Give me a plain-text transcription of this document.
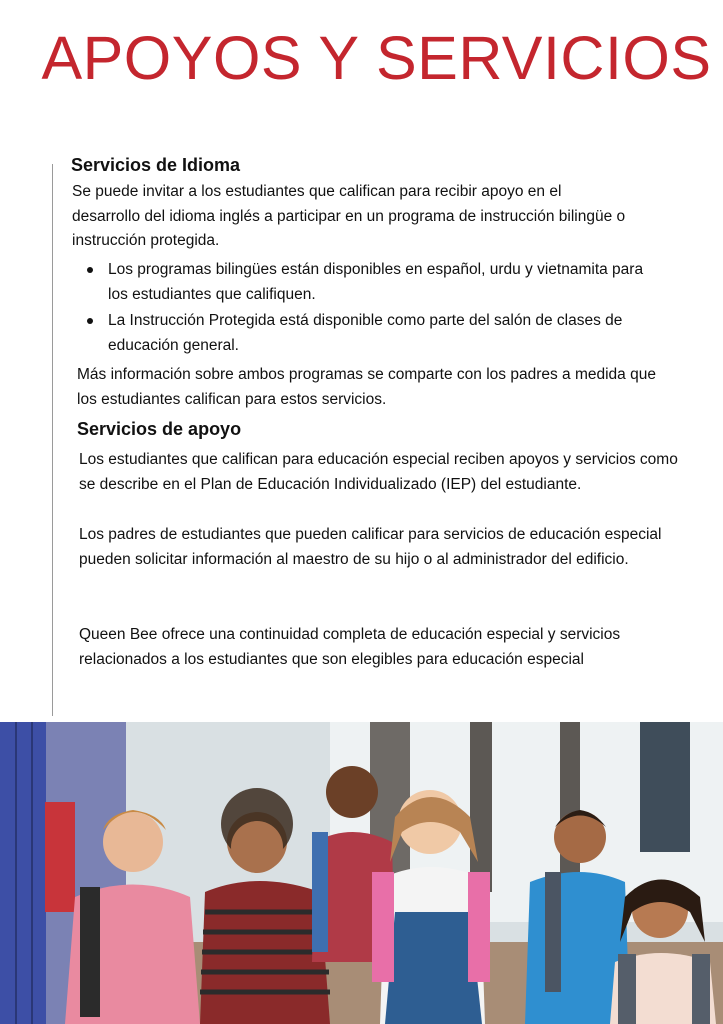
APOYOS Y SERVICIOS
Servicios de Idioma

Se puede invitar a los estudiantes que califican para recibir apoyo en el desarrollo del idioma inglés a participar en un programa de instrucción bilingüe o instrucción protegida.

Los programas bilingües están disponibles en español, urdu y vietnamita para los estudiantes que califiquen.
La Instrucción Protegida está disponible como parte del salón de clases de educación general.

Más información sobre ambos programas se comparte con los padres a medida que los estudiantes califican para estos servicios.

Servicios de apoyo

Los estudiantes que califican para educación especial reciben apoyos y servicios como se describe en el Plan de Educación Individualizado (IEP) del estudiante.

Los padres de estudiantes que pueden calificar para servicios de educación especial pueden solicitar información al maestro de su hijo o al administrador del edificio.

Queen Bee ofrece una continuidad completa de educación especial y servicios relacionados a los estudiantes que son elegibles para educación especial
